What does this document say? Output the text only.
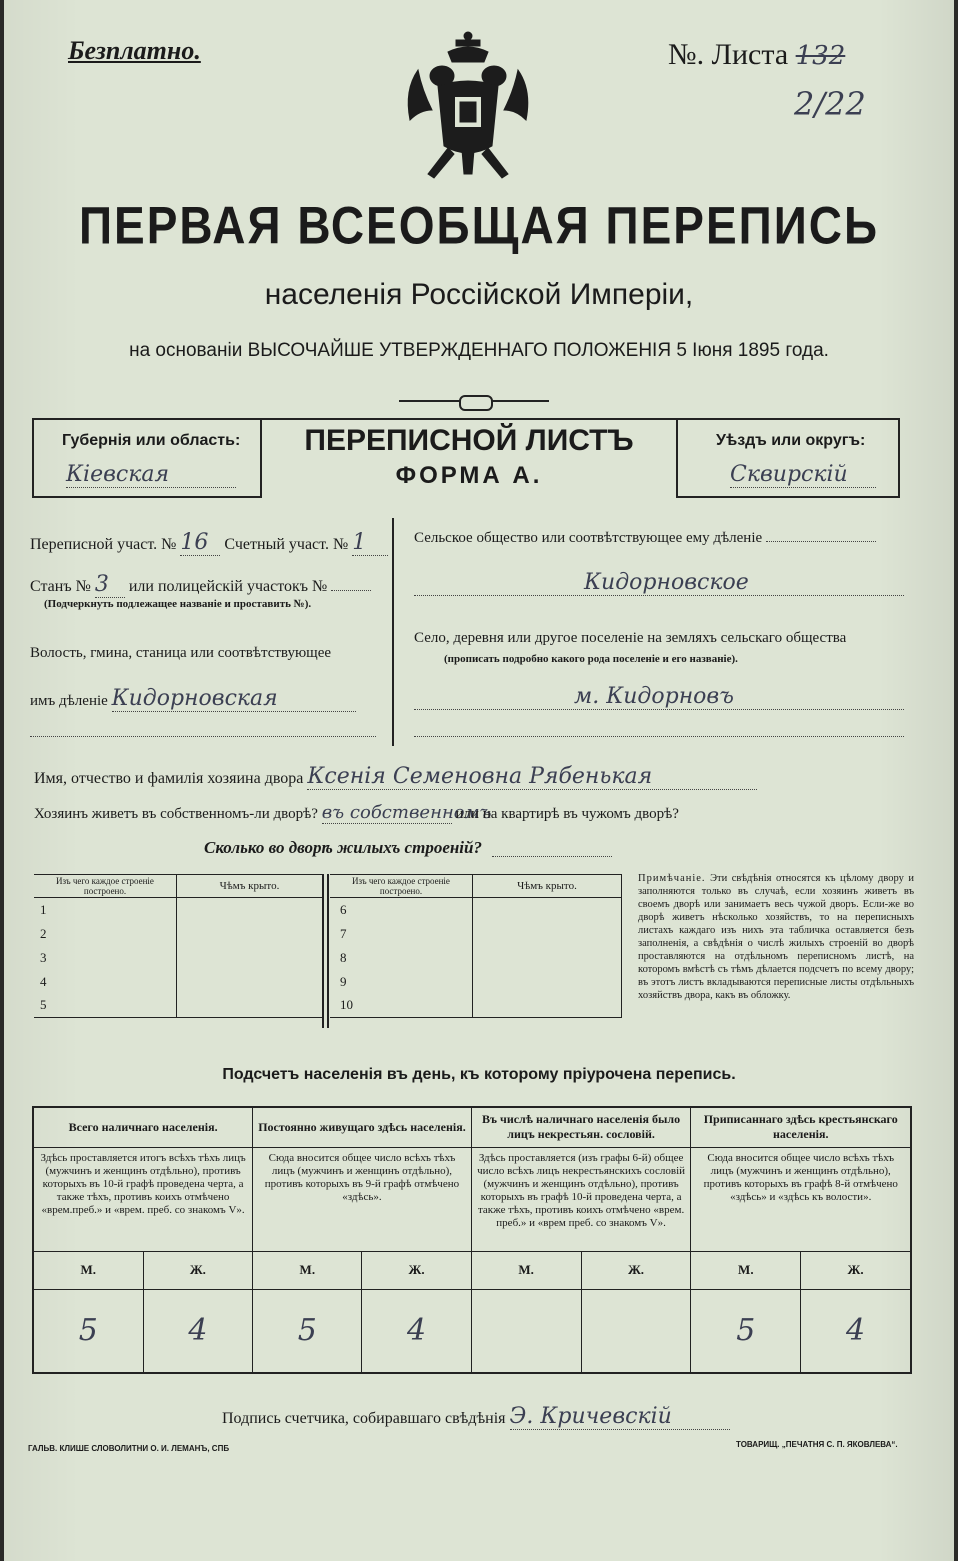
Безплатно.	№. Листа 132
2/22
ПЕРВАЯ ВСЕОБЩАЯ ПЕРЕПИСЬ
населенія Россійской Имперіи,
на основаніи ВЫСОЧАЙШЕ УТВЕРЖДЕННАГО ПОЛОЖЕНІЯ 5 Іюня 1895 года.
Губернія или область:
Кіевская
ПЕРЕПИСНОЙ ЛИСТЪ
ФОРМА А.
Уѣздъ или округъ:
Сквирскій
Переписной участ. № 16 Счетный участ. № 1
Станъ № 3 или полицейскій участокъ №
(Подчеркнуть подлежащее названіе и проставить №).
Волость, гмина, станица или соотвѣтствующее
имъ дѣленіе Кидорновская
Сельское общество или соотвѣтствующее ему дѣленіе
Кидорновское
Село, деревня или другое поселеніе на земляхъ сельскаго общества
(прописать подробно какого рода поселеніе и его названіе).
м. Кидорновъ
Имя, отчество и фамилія хозяина двора Ксенія Семеновна Рябенькая
Хозяинъ живетъ въ собственномъ-ли дворѣ? въ собственномъ или на квартирѣ въ чужомъ дворѣ?
Сколько во дворѣ жилыхъ строеній?
Изъ чего каждое строеніе построено.	Чѣмъ крыто.
1	
2	
3	
4	
5	
Изъ чего каждое строеніе построено.	Чѣмъ крыто.
6	
7	
8	
9	
10	
Примѣчаніе. Эти свѣдѣнія относятся къ цѣлому двору и заполняются только въ случаѣ, если хозяинъ живетъ въ своемъ дворѣ или занимаетъ весь чужой дворъ. Если-же во дворѣ живетъ нѣсколько хозяйствъ, то на переписныхъ листахъ каждаго изъ нихъ эта табличка оставляется безъ заполненія, а свѣдѣнія о числѣ жилыхъ строеній во дворѣ проставляются на отдѣльномъ переписномъ листѣ, на которомъ вмѣстѣ съ тѣмъ дѣлается подсчетъ по всему двору; въ этотъ листъ вкладываются переписные листы отдѣльныхъ хозяйствъ двора, какъ въ обложку.
Подсчетъ населенія въ день, къ которому пріурочена перепись.
Всего наличнаго населенія.		Постоянно живущаго здѣсь населенія.		Въ числѣ наличнаго населенія было лицъ некрестьян. сословій.		Приписаннаго здѣсь крестьянскаго населенія.	
Здѣсь проставляется итогъ всѣхъ тѣхъ лицъ (мужчинъ и женщинъ отдѣльно), противъ которыхъ въ 10-й графѣ проведена черта, а также тѣхъ, противъ коихъ отмѣчено «врем.преб.» и «врем. преб. со знакомъ V».		Сюда вносится общее число всѣхъ тѣхъ лицъ (мужчинъ и женщинъ отдѣльно), противъ которыхъ въ 9-й графѣ отмѣчено «здѣсь».		Здѣсь проставляется (изъ графы 6-й) общее число всѣхъ лицъ некрестьянскихъ сословій (мужчинъ и женщинъ отдѣльно), противъ которыхъ въ графѣ 10-й проведена черта, а также тѣхъ, противъ коихъ отмѣчено «врем. преб.» и «врем преб. со знакомъ V».		Сюда вносится общее число всѣхъ тѣхъ лицъ (мужчинъ и женщинъ отдѣльно), противъ которыхъ въ графѣ 8-й отмѣчено «здѣсь» и «здѣсь къ волости».	
М.	Ж.	М.	Ж.	М.	Ж.	М.	Ж.
5	4	5	4			5	4
Подпись счетчика, собиравшаго свѣдѣнія Э. Кричевскій
ГАЛЬВ. КЛИШЕ СЛОВОЛИТНИ О. И. ЛЕМАНЪ, СПБ	ТОВАРИЩ. „ПЕЧАТНЯ С. П. ЯКОВЛЕВА“.
